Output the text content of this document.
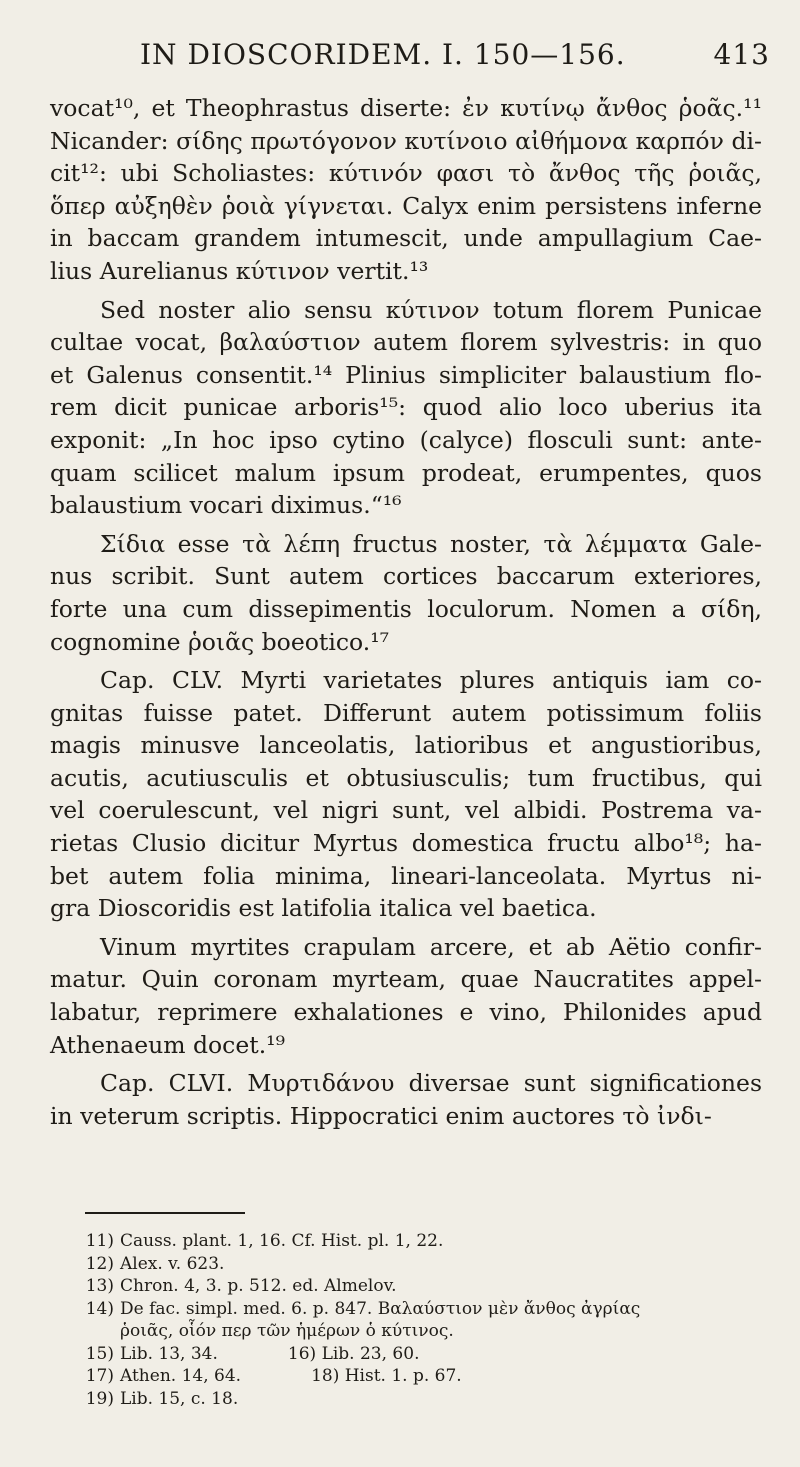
IN DIOSCORIDEM. I. 150—156.	413

vocat¹⁰, et Theophrastus diserte: ἐν κυτίνῳ ἄνθος ῥοᾶς.¹¹
Nicander: σίδης πρωτόγονον κυτίνοιο αἰθήμονα καρπόν di-
cit¹²: ubi Scholiastes: κύτινόν φασι τὸ ἄνθος τῆς ῥοιᾶς,
ὅπερ αὐξηθὲν ῥοιὰ γίγνεται. Calyx enim persistens inferne
in baccam grandem intumescit, unde ampullagium Cae-
lius Aurelianus κύτινον vertit.¹³

Sed noster alio sensu κύτινον totum florem Punicae
cultae vocat, βαλαύστιον autem florem sylvestris: in quo
et Galenus consentit.¹⁴ Plinius simpliciter balaustium flo-
rem dicit punicae arboris¹⁵: quod alio loco uberius ita
exponit: „In hoc ipso cytino (calyce) flosculi sunt: ante-
quam scilicet malum ipsum prodeat, erumpentes, quos
balaustium vocari diximus.“¹⁶

Σίδια esse τὰ λέπη fructus noster, τὰ λέμματα Gale-
nus scribit. Sunt autem cortices baccarum exteriores,
forte una cum dissepimentis loculorum. Nomen a σίδη,
cognomine ῥοιᾶς boeotico.¹⁷

Cap. CLV. Myrti varietates plures antiquis iam co-
gnitas fuisse patet. Differunt autem potissimum foliis
magis minusve lanceolatis, latioribus et angustioribus,
acutis, acutiusculis et obtusiusculis; tum fructibus, qui
vel coerulescunt, vel nigri sunt, vel albidi. Postrema va-
rietas Clusio dicitur Myrtus domestica fructu albo¹⁸; ha-
bet autem folia minima, lineari-lanceolata. Myrtus ni-
gra Dioscoridis est latifolia italica vel baetica.

Vinum myrtites crapulam arcere, et ab Aëtio confir-
matur. Quin coronam myrteam, quae Naucratites appel-
labatur, reprimere exhalationes e vino, Philonides apud
Athenaeum docet.¹⁹

Cap. CLVI. Μυρτιδάνου diversae sunt significationes
in veterum scriptis. Hippocratici enim auctores τὸ ἰνδι-

11) Causs. plant. 1, 16. Cf. Hist. pl. 1, 22.
12) Alex. v. 623.
13) Chron. 4, 3. p. 512. ed. Almelov.
14) De fac. simpl. med. 6. p. 847. Βαλαύστιον μὲν ἄνθος ἀγρίας
ῥοιᾶς, οἷόν περ τῶν ἡμέρων ὁ κύτινος.
15) Lib. 13, 34.	16) Lib. 23, 60.
17) Athen. 14, 64.	18) Hist. 1. p. 67.
19) Lib. 15, c. 18.
